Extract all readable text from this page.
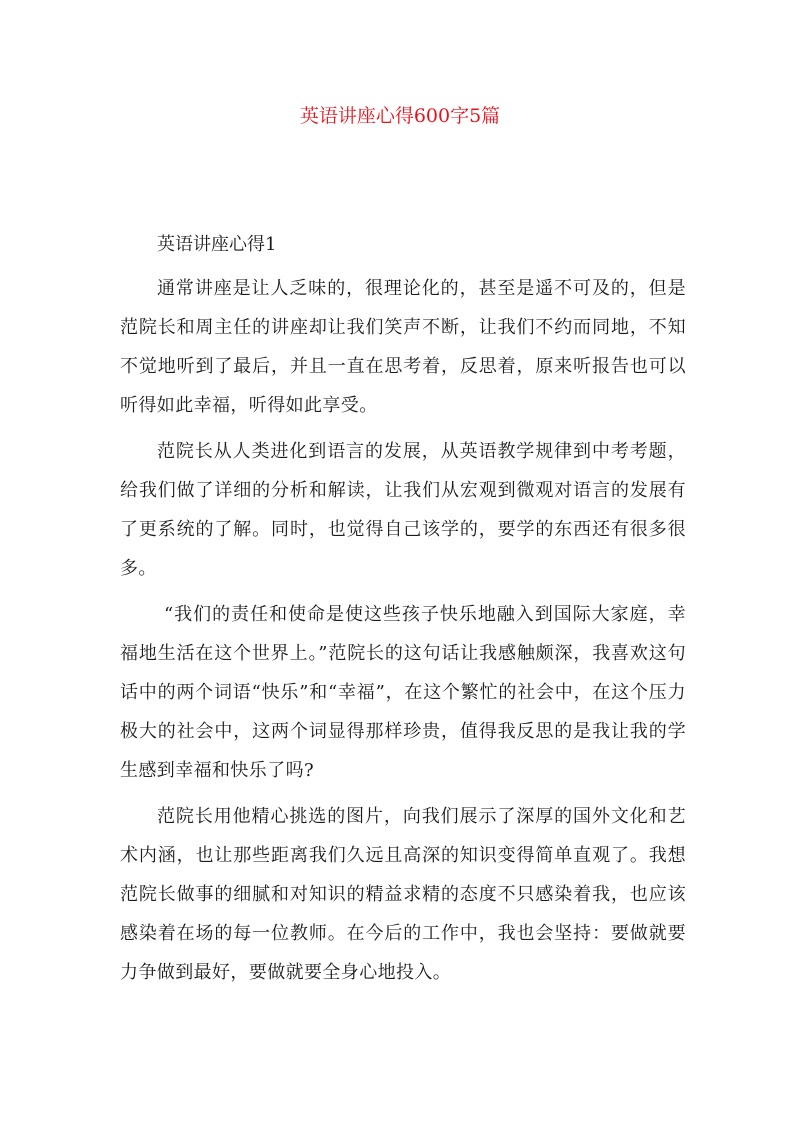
英语讲座心得600字5篇

英语讲座心得1

通常讲座是让人乏味的，很理论化的，甚至是遥不可及的，但是范院长和周主任的讲座却让我们笑声不断，让我们不约而同地，不知不觉地听到了最后，并且一直在思考着，反思着，原来听报告也可以听得如此幸福，听得如此享受。

范院长从人类进化到语言的发展，从英语教学规律到中考考题，给我们做了详细的分析和解读，让我们从宏观到微观对语言的发展有了更系统的了解。同时，也觉得自己该学的，要学的东西还有很多很多。

“我们的责任和使命是使这些孩子快乐地融入到国际大家庭，幸福地生活在这个世界上。”范院长的这句话让我感触颇深，我喜欢这句话中的两个词语“快乐”和“幸福”，在这个繁忙的社会中，在这个压力极大的社会中，这两个词显得那样珍贵，值得我反思的是我让我的学生感到幸福和快乐了吗?

范院长用他精心挑选的图片，向我们展示了深厚的国外文化和艺术内涵，也让那些距离我们久远且高深的知识变得简单直观了。我想范院长做事的细腻和对知识的精益求精的态度不只感染着我，也应该感染着在场的每一位教师。在今后的工作中，我也会坚持：要做就要力争做到最好，要做就要全身心地投入。
